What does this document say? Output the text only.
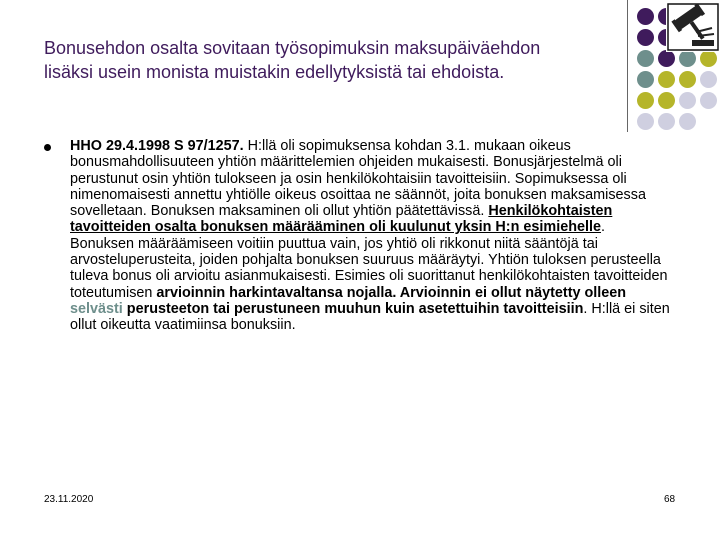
Bonusehdon osalta sovitaan työsopimuksin maksupäiväehdon lisäksi usein monista muistakin edellytyksistä tai ehdoista.
HHO 29.4.1998 S 97/1257. H:llä oli sopimuksensa kohdan 3.1. mukaan oikeus bonusmahdollisuuteen yhtiön määrittelemien ohjeiden mukaisesti. Bonusjärjestelmä oli perustunut osin yhtiön tulokseen ja osin henkilökohtaisiin tavoitteisiin. Sopimuksessa oli nimenomaisesti annettu yhtiölle oikeus osoittaa ne säännöt, joita bonuksen maksamisessa sovelletaan. Bonuksen maksaminen oli ollut yhtiön päätettävissä. Henkilökohtaisten tavoitteiden osalta bonuksen määrääminen oli kuulunut yksin H:n esimiehelle. Bonuksen määräämiseen voitiin puuttua vain, jos yhtiö oli rikkonut niitä sääntöjä tai arvosteluperusteita, joiden pohjalta bonuksen suuruus määräytyi. Yhtiön tuloksen perusteella tuleva bonus oli arvioitu asianmukaisesti. Esimies oli suorittanut henkilökohtaisten tavoitteiden toteutumisen arvioinnin harkintavaltansa nojalla. Arvioinnin ei ollut näytetty olleen selvästi perusteeton tai perustuneen muuhun kuin asetettuihin tavoitteisiin. H:llä ei siten ollut oikeutta vaatimiinsa bonuksiin.
23.11.2020	68
